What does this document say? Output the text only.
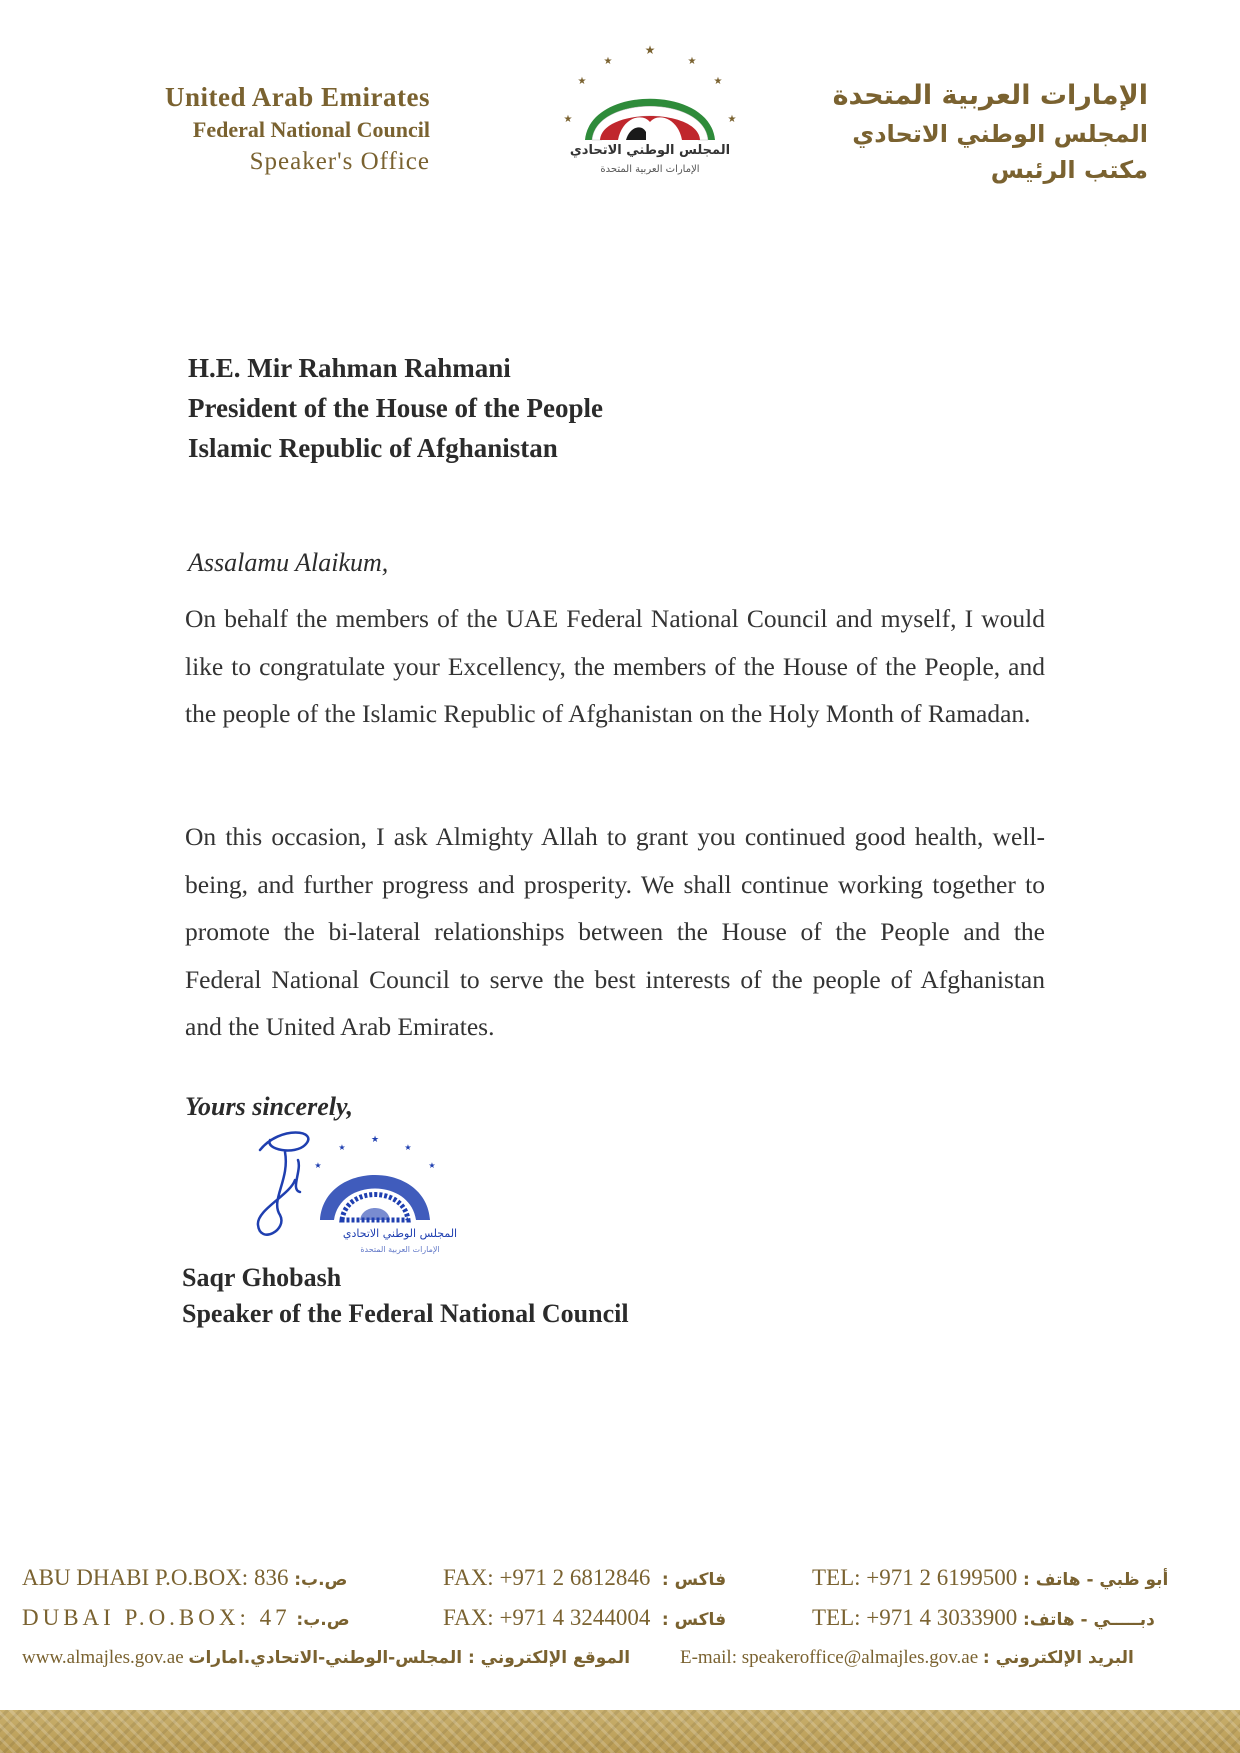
United Arab Emirates
Federal National Council
Speaker's Office
★
★	★
★	★
★	★
المجلس الوطني الاتحادي
الإمارات العربية المتحدة
الإمارات العربية المتحدة
المجلس الوطني الاتحادي
مكتب الرئيس
H.E. Mir Rahman Rahmani
President of the House of the People
Islamic Republic of Afghanistan
Assalamu Alaikum,
On behalf the members of the UAE Federal National Council and myself, I would like to congratulate your Excellency, the members of the House of the People, and the people of the Islamic Republic of Afghanistan on the Holy Month of Ramadan.
On this occasion, I ask Almighty Allah to grant you continued good health, well-being, and further progress and prosperity. We shall continue working together to promote the bi-lateral relationships between the House of the People and the Federal National Council to serve the best interests of the people of Afghanistan and the United Arab Emirates.
Yours sincerely,
★
★	★
★	★
المجلس الوطني الاتحادي
الإمارات العربية المتحدة
Saqr Ghobash
Speaker of the Federal National Council
ABU DHABI P.O.BOX: 836 ص.ب:	FAX: +971 2 6812846 فاكس :	TEL: +971 2 6199500 أبو ظبي - هاتف :
DUBAI P.O.BOX: 47 ص.ب:	FAX: +971 4 3244004 فاكس :	TEL: +971 4 3033900 دبـــــي - هاتف:
www.almajles.gov.ae الموقع الإلكتروني : المجلس-الوطني-الاتحادي.امارات	E-mail: speakeroffice@almajles.gov.ae البريد الإلكتروني :
